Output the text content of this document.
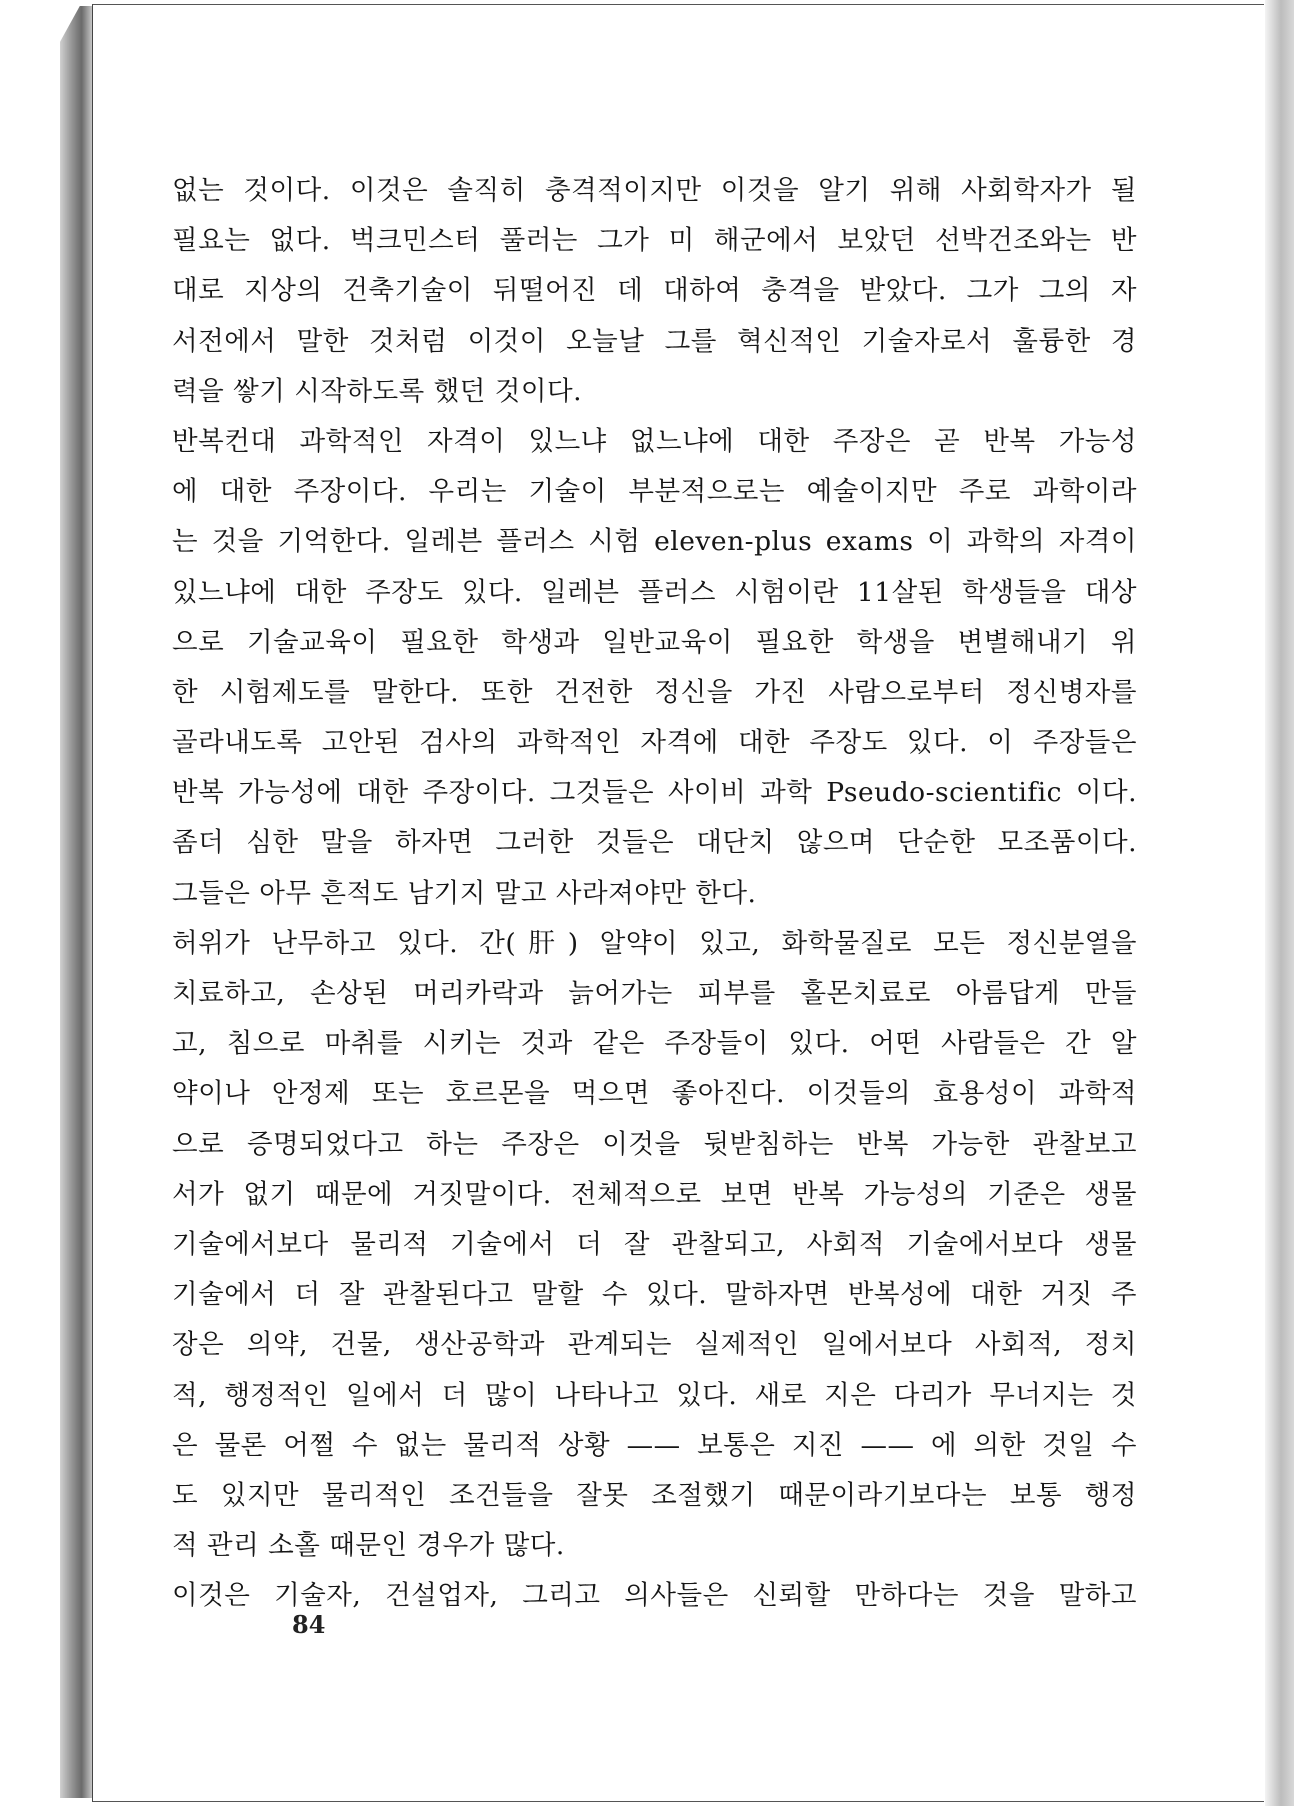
없는 것이다. 이것은 솔직히 충격적이지만 이것을 알기 위해 사회학자가 될
필요는 없다. 벅크민스터 풀러는 그가 미 해군에서 보았던 선박건조와는 반
대로 지상의 건축기술이 뒤떨어진 데 대하여 충격을 받았다. 그가 그의 자
서전에서 말한 것처럼 이것이 오늘날 그를 혁신적인 기술자로서 훌륭한 경
력을 쌓기 시작하도록 했던 것이다.
반복컨대 과학적인 자격이 있느냐 없느냐에 대한 주장은 곧 반복 가능성
에 대한 주장이다. 우리는 기술이 부분적으로는 예술이지만 주로 과학이라
는 것을 기억한다. 일레븐 플러스 시험 eleven-plus exams 이 과학의 자격이
있느냐에 대한 주장도 있다. 일레븐 플러스 시험이란 11살된 학생들을 대상
으로 기술교육이 필요한 학생과 일반교육이 필요한 학생을 변별해내기 위
한 시험제도를 말한다. 또한 건전한 정신을 가진 사람으로부터 정신병자를
골라내도록 고안된 검사의 과학적인 자격에 대한 주장도 있다. 이 주장들은
반복 가능성에 대한 주장이다. 그것들은 사이비 과학 Pseudo-scientific 이다.
좀더 심한 말을 하자면 그러한 것들은 대단치 않으며 단순한 모조품이다.
그들은 아무 흔적도 남기지 말고 사라져야만 한다.
허위가 난무하고 있다. 간(肝) 알약이 있고, 화학물질로 모든 정신분열을
치료하고, 손상된 머리카락과 늙어가는 피부를 홀몬치료로 아름답게 만들
고, 침으로 마취를 시키는 것과 같은 주장들이 있다. 어떤 사람들은 간 알
약이나 안정제 또는 호르몬을 먹으면 좋아진다. 이것들의 효용성이 과학적
으로 증명되었다고 하는 주장은 이것을 뒷받침하는 반복 가능한 관찰보고
서가 없기 때문에 거짓말이다. 전체적으로 보면 반복 가능성의 기준은 생물
기술에서보다 물리적 기술에서 더 잘 관찰되고, 사회적 기술에서보다 생물
기술에서 더 잘 관찰된다고 말할 수 있다. 말하자면 반복성에 대한 거짓 주
장은 의약, 건물, 생산공학과 관계되는 실제적인 일에서보다 사회적, 정치
적, 행정적인 일에서 더 많이 나타나고 있다. 새로 지은 다리가 무너지는 것
은 물론 어쩔 수 없는 물리적 상황 —— 보통은 지진 —— 에 의한 것일 수
도 있지만 물리적인 조건들을 잘못 조절했기 때문이라기보다는 보통 행정
적 관리 소홀 때문인 경우가 많다.
이것은 기술자, 건설업자, 그리고 의사들은 신뢰할 만하다는 것을 말하고
84
